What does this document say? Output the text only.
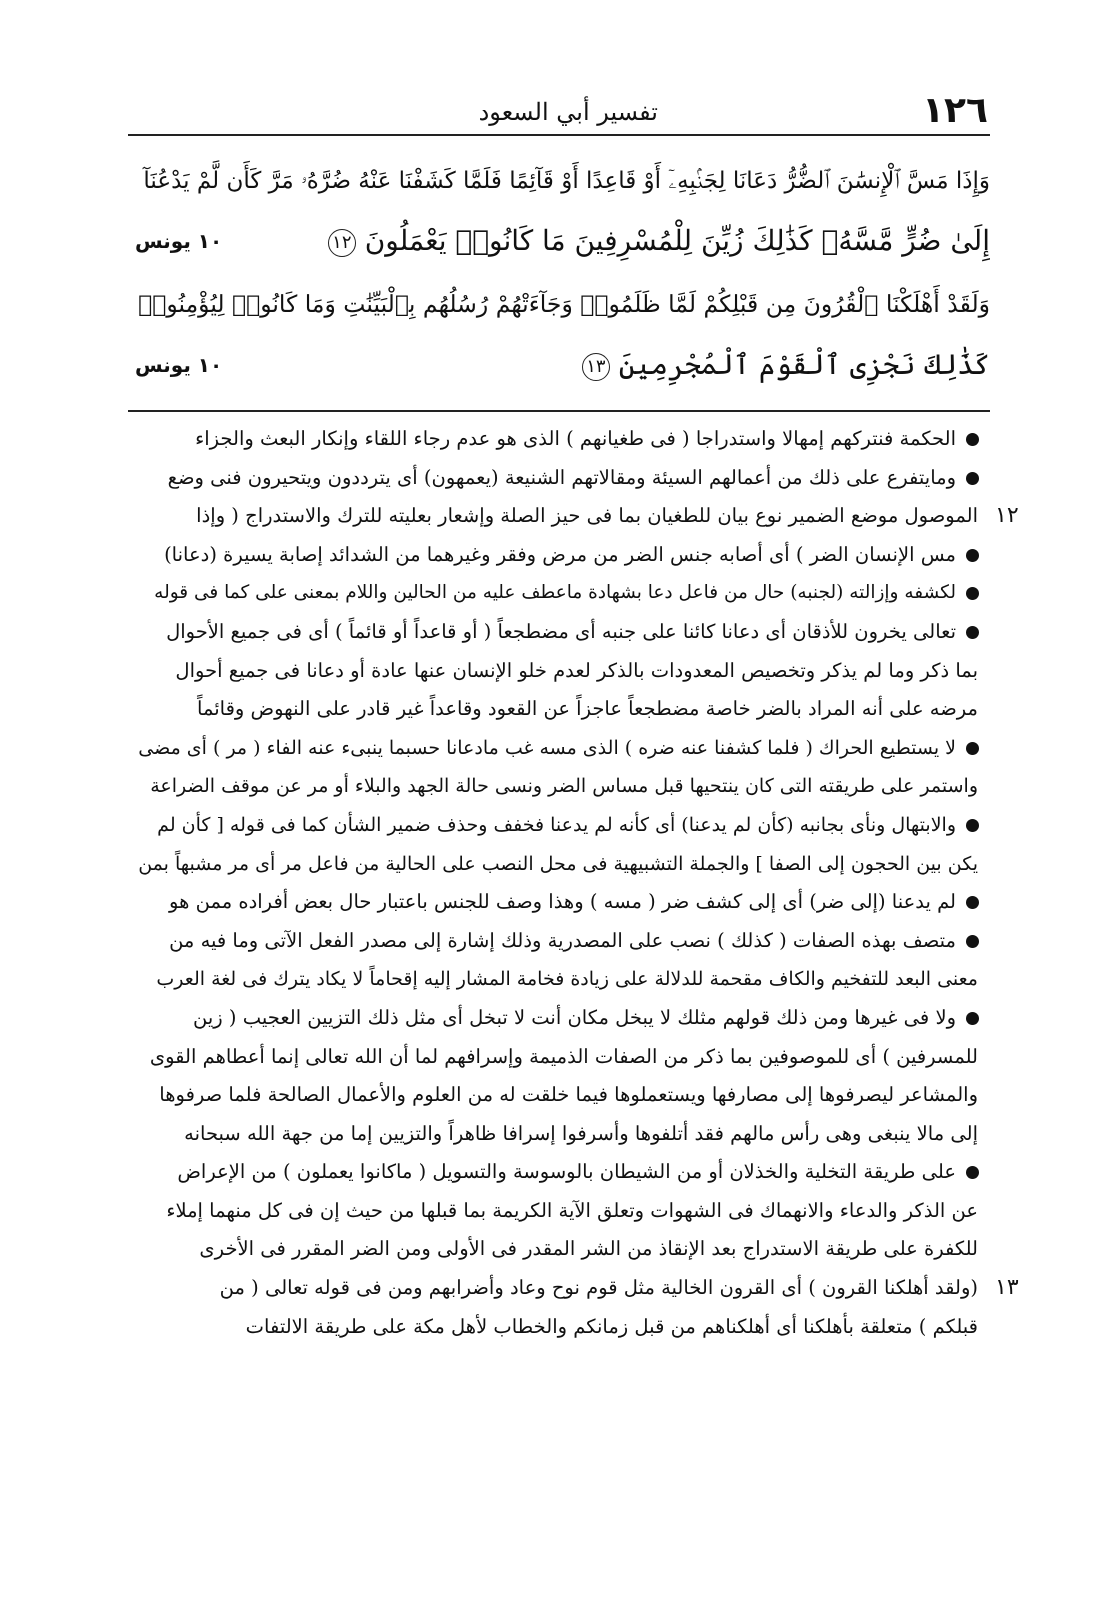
١٢٦
تفسير أبي السعود
وَإِذَا مَسَّ ٱلْإِنسَٰنَ ٱلضُّرُّ دَعَانَا لِجَنۢبِهِۦٓ أَوْ قَاعِدًا أَوْ قَآئِمًا فَلَمَّا كَشَفْنَا عَنْهُ ضُرَّهُۥ مَرَّ كَأَن لَّمْ يَدْعُنَآ
إِلَىٰ ضُرٍّ مَّسَّهُۥ كَذَٰلِكَ زُيِّنَ لِلْمُسْرِفِينَ مَا كَانُوا۟ يَعْمَلُونَ ١٢
١٠ يونس
وَلَقَدْ أَهْلَكْنَا ٱلْقُرُونَ مِن قَبْلِكُمْ لَمَّا ظَلَمُوا۟ وَجَآءَتْهُمْ رُسُلُهُم بِٱلْبَيِّنَٰتِ وَمَا كَانُوا۟ لِيُؤْمِنُوا۟
كَذَٰلِكَ نَجْزِى ٱلْقَوْمَ ٱلْمُجْرِمِينَ ١٣
١٠ يونس
الحكمة فنتركهم إمهالا واستدراجا ( فى طغيانهم ) الذى هو عدم رجاء اللقاء وإنكار البعث والجزاء
ومايتفرع على ذلك من أعمالهم السيئة ومقالاتهم الشنيعة (يعمهون) أى يترددون ويتحيرون فنى وضع
١٢
الموصول موضع الضمير نوع بيان للطغيان بما فى حيز الصلة وإشعار بعليته للترك والاستدراج ( وإذا
مس الإنسان الضر ) أى أصابه جنس الضر من مرض وفقر وغيرهما من الشدائد إصابة يسيرة (دعانا)
لكشفه وإزالته (لجنبه) حال من فاعل دعا بشهادة ماعطف عليه من الحالين واللام بمعنى على كما فى قوله
تعالى يخرون للأذقان أى دعانا كائنا على جنبه أى مضطجعاً ( أو قاعداً أو قائماً ) أى فى جميع الأحوال
بما ذكر وما لم يذكر وتخصيص المعدودات بالذكر لعدم خلو الإنسان عنها عادة أو دعانا فى جميع أحوال
مرضه على أنه المراد بالضر خاصة مضطجعاً عاجزاً عن القعود وقاعداً غير قادر على النهوض وقائماً
لا يستطيع الحراك ( فلما كشفنا عنه ضره ) الذى مسه غب مادعانا حسبما ينبىء عنه الفاء ( مر ) أى مضى
واستمر على طريقته التى كان ينتحيها قبل مساس الضر ونسى حالة الجهد والبلاء أو مر عن موقف الضراعة
والابتهال ونأى بجانبه (كأن لم يدعنا) أى كأنه لم يدعنا فخفف وحذف ضمير الشأن كما فى قوله [ كأن لم
يكن بين الحجون إلى الصفا ] والجملة التشبيهية فى محل النصب على الحالية من فاعل مر أى مر مشبهاً بمن
لم يدعنا (إلى ضر) أى إلى كشف ضر ( مسه ) وهذا وصف للجنس باعتبار حال بعض أفراده ممن هو
متصف بهذه الصفات ( كذلك ) نصب على المصدرية وذلك إشارة إلى مصدر الفعل الآتى وما فيه من
معنى البعد للتفخيم والكاف مقحمة للدلالة على زيادة فخامة المشار إليه إقحاماً لا يكاد يترك فى لغة العرب
ولا فى غيرها ومن ذلك قولهم مثلك لا يبخل مكان أنت لا تبخل أى مثل ذلك التزيين العجيب ( زين
للمسرفين ) أى للموصوفين بما ذكر من الصفات الذميمة وإسرافهم لما أن الله تعالى إنما أعطاهم القوى
والمشاعر ليصرفوها إلى مصارفها ويستعملوها فيما خلقت له من العلوم والأعمال الصالحة فلما صرفوها
إلى مالا ينبغى وهى رأس مالهم فقد أتلفوها وأسرفوا إسرافا ظاهراً والتزيين إما من جهة الله سبحانه
على طريقة التخلية والخذلان أو من الشيطان بالوسوسة والتسويل ( ماكانوا يعملون ) من الإعراض
عن الذكر والدعاء والانهماك فى الشهوات وتعلق الآية الكريمة بما قبلها من حيث إن فى كل منهما إملاء
للكفرة على طريقة الاستدراج بعد الإنقاذ من الشر المقدر فى الأولى ومن الضر المقرر فى الأخرى
١٣
(ولقد أهلكنا القرون ) أى القرون الخالية مثل قوم نوح وعاد وأضرابهم ومن فى قوله تعالى ( من
قبلكم ) متعلقة بأهلكنا أى أهلكناهم من قبل زمانكم والخطاب لأهل مكة على طريقة الالتفات
